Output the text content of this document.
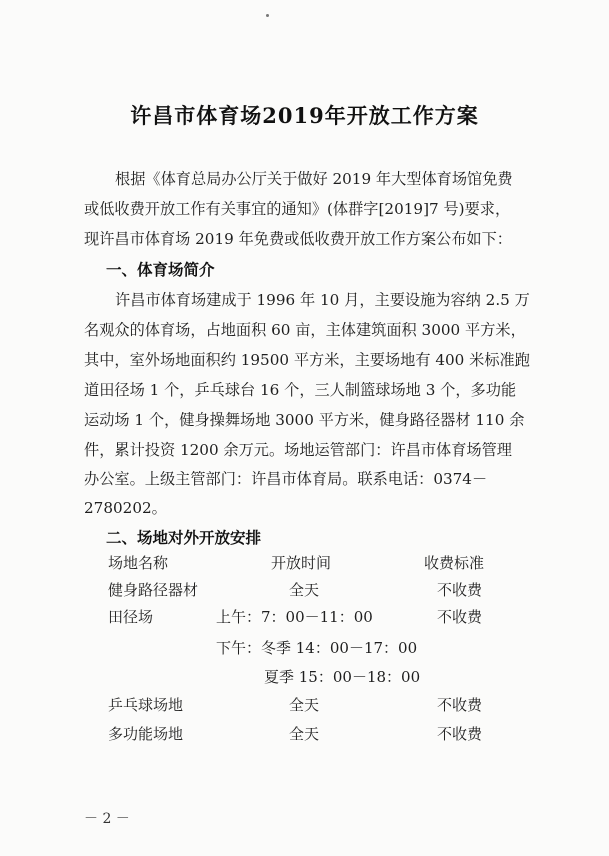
许昌市体育场2019年开放工作方案
根据《体育总局办公厅关于做好 2019 年大型体育场馆免费
或低收费开放工作有关事宜的通知》(体群字[2019]7 号)要求，
现许昌市体育场 2019 年免费或低收费开放工作方案公布如下：
一、体育场简介
许昌市体育场建成于 1996 年 10 月，主要设施为容纳 2.5 万
名观众的体育场，占地面积 60 亩，主体建筑面积 3000 平方米，
其中，室外场地面积约 19500 平方米，主要场地有 400 米标准跑
道田径场 1 个，乒乓球台 16 个，三人制篮球场地 3 个，多功能
运动场 1 个，健身操舞场地 3000 平方米，健身路径器材 110 余
件，累计投资 1200 余万元。场地运管部门：许昌市体育场管理
办公室。上级主管部门：许昌市体育局。联系电话：0374－
2780202。
二、场地对外开放安排
场地名称	开放时间	收费标准
健身路径器材	全天	不收费
田径场	上午：7：00－11：00	不收费
下午：冬季 14：00－17：00
夏季 15：00－18：00
乒乓球场地	全天	不收费
多功能场地	全天	不收费
－ 2 －
